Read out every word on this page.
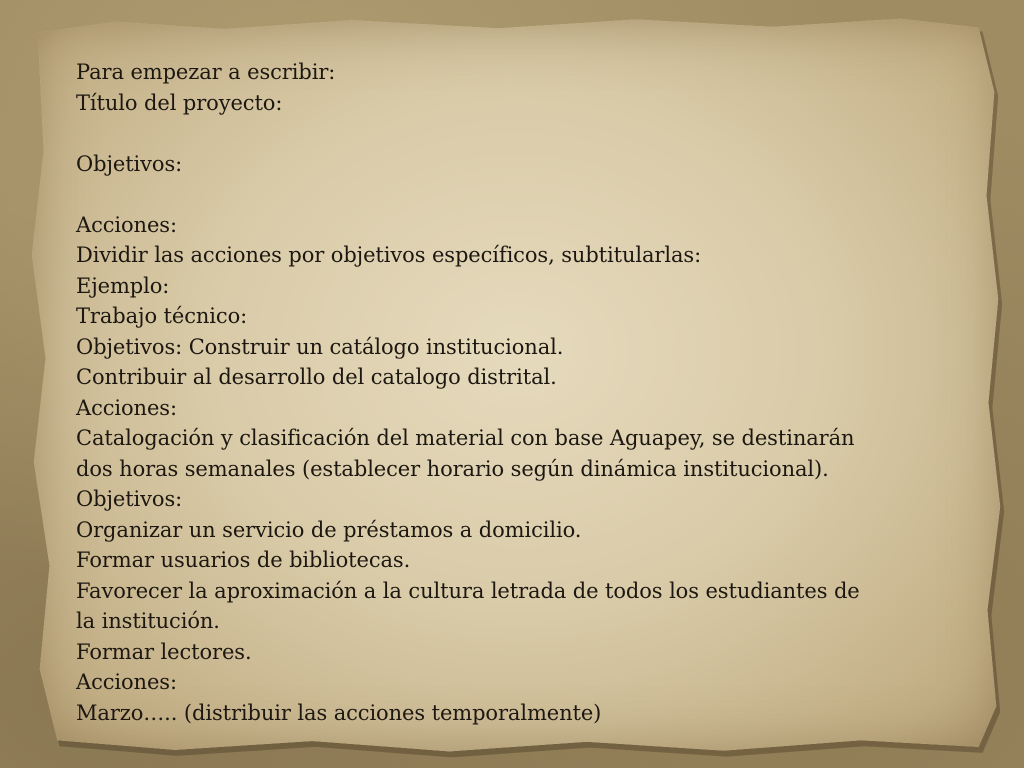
Para empezar a escribir:
Título del proyecto:
Objetivos:
Acciones:
Dividir las acciones por objetivos específicos, subtitularlas:
Ejemplo:
Trabajo técnico:
Objetivos: Construir un catálogo institucional.
Contribuir al desarrollo del catalogo distrital.
Acciones:
Catalogación y clasificación del material con base Aguapey, se destinarán
dos horas semanales (establecer horario según dinámica institucional).
Objetivos:
Organizar un servicio de préstamos a domicilio.
Formar usuarios de bibliotecas.
Favorecer la aproximación a la cultura letrada de todos los estudiantes de
la institución.
Formar lectores.
Acciones:
Marzo….. (distribuir las acciones temporalmente)
